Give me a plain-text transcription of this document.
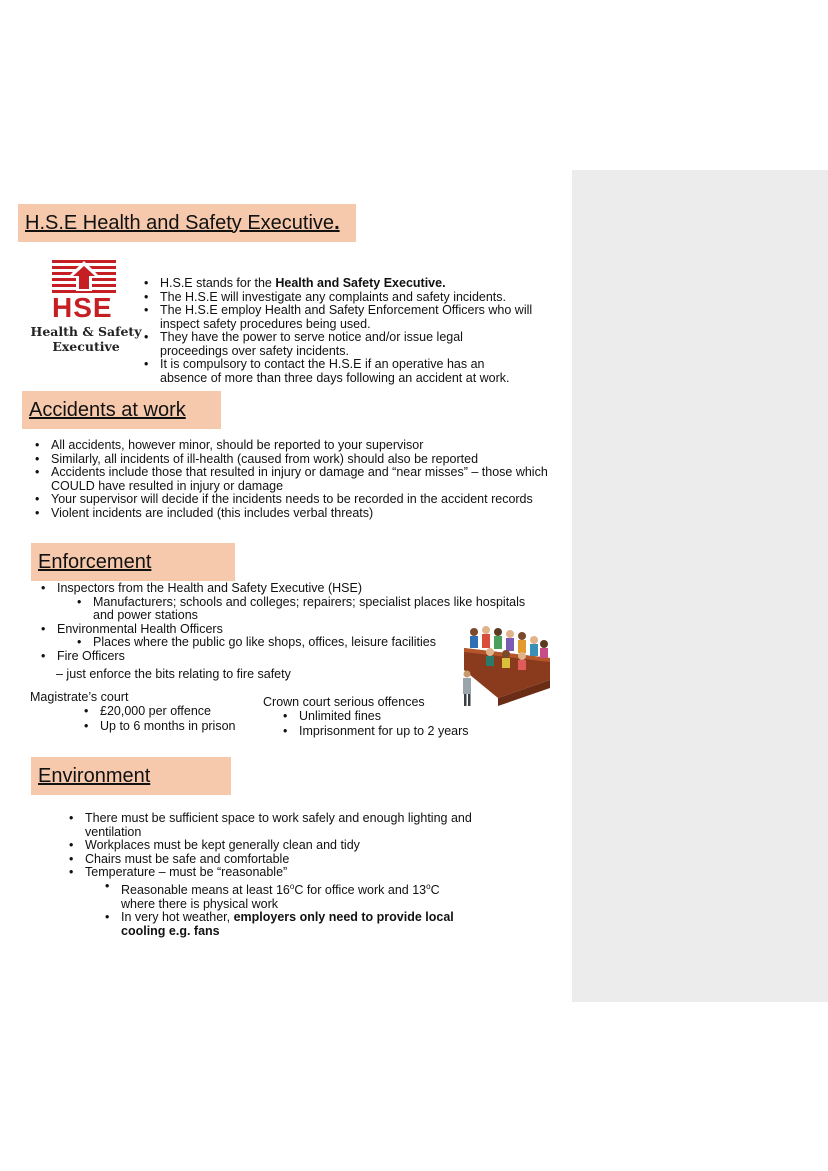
H.S.E Health and Safety Executive .
HSE
Health & Safety
Executive
• H.S.E stands for the Health and Safety Executive.
• The H.S.E will investigate any complaints and safety incidents.
• The H.S.E employ Health and Safety Enforcement Officers who will inspect safety procedures being used.
• They have the power to serve notice and/or issue legal proceedings over safety incidents.
• It is compulsory to contact the H.S.E if an operative has an absence of more than three days following an accident at work.
Accidents at work
• All accidents, however minor, should be reported to your supervisor
• Similarly, all incidents of ill-health (caused from work) should also be reported
• Accidents include those that resulted in injury or damage and “near misses” – those which COULD have resulted in injury or damage
• Your supervisor will decide if the incidents needs to be recorded in the accident records
• Violent incidents are included (this includes verbal threats)
Enforcement
• Inspectors from the Health and Safety Executive (HSE)
• Manufacturers; schools and colleges; repairers; specialist places like hospitals and power stations
• Environmental Health Officers
• Places where the public go like shops, offices, leisure facilities
• Fire Officers
– just enforce the bits relating to fire safety
Magistrate’s court
• £20,000 per offence
• Up to 6 months in prison
Crown court serious offences
• Unlimited fines
• Imprisonment for up to 2 years
Environment
• There must be sufficient space to work safely and enough lighting and ventilation
• Workplaces must be kept generally clean and tidy
• Chairs must be safe and comfortable
• Temperature – must be “reasonable”
• Reasonable means at least 16$^o$C for office work and 13$^o$C where there is physical work
• In very hot weather, employers only need to provide local cooling e.g. fans
